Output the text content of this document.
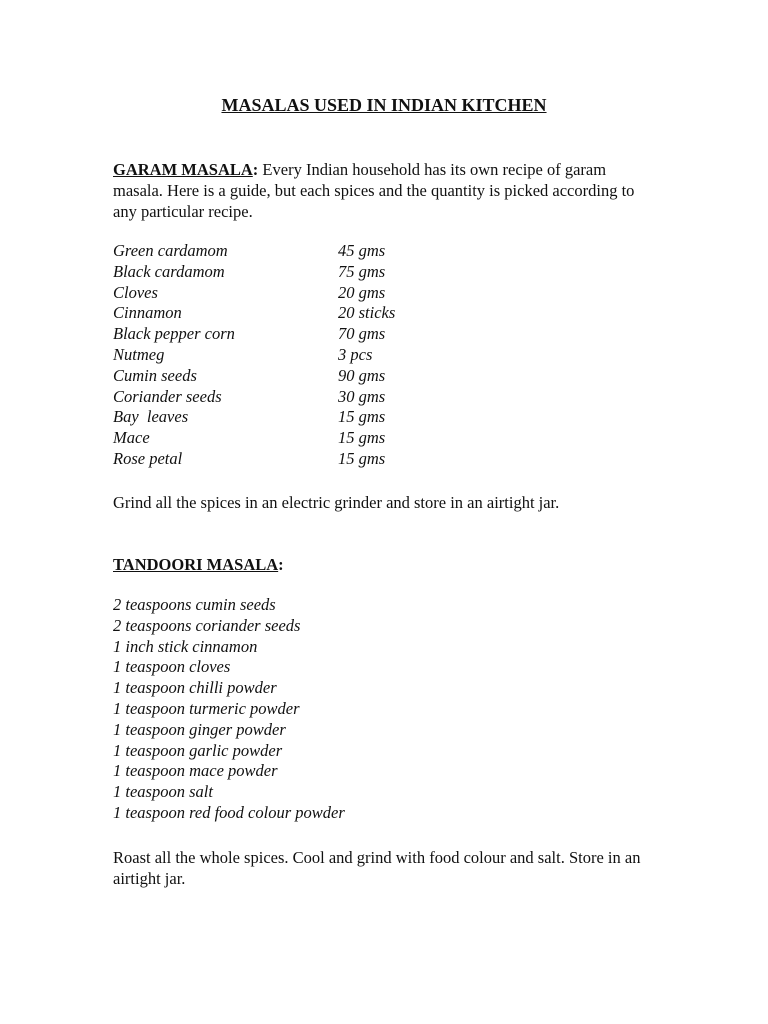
MASALAS USED IN INDIAN KITCHEN

GARAM MASALA: Every Indian household has its own recipe of garam masala. Here is a guide, but each spices and the quantity is picked according to any particular recipe.

Green cardamom	45 gms
Black cardamom	75 gms
Cloves	20 gms
Cinnamon	20 sticks
Black pepper corn	70 gms
Nutmeg	3 pcs
Cumin seeds	90 gms
Coriander seeds	30 gms
Bay  leaves	15 gms
Mace	15 gms
Rose petal	15 gms

Grind all the spices in an electric grinder and store in an airtight jar.

TANDOORI MASALA:

2 teaspoons cumin seeds
2 teaspoons coriander seeds
1 inch stick cinnamon
1 teaspoon cloves
1 teaspoon chilli powder
1 teaspoon turmeric powder
1 teaspoon ginger powder
1 teaspoon garlic powder
1 teaspoon mace powder
1 teaspoon salt
1 teaspoon red food colour powder

Roast all the whole spices. Cool and grind with food colour and salt. Store in an airtight jar.
